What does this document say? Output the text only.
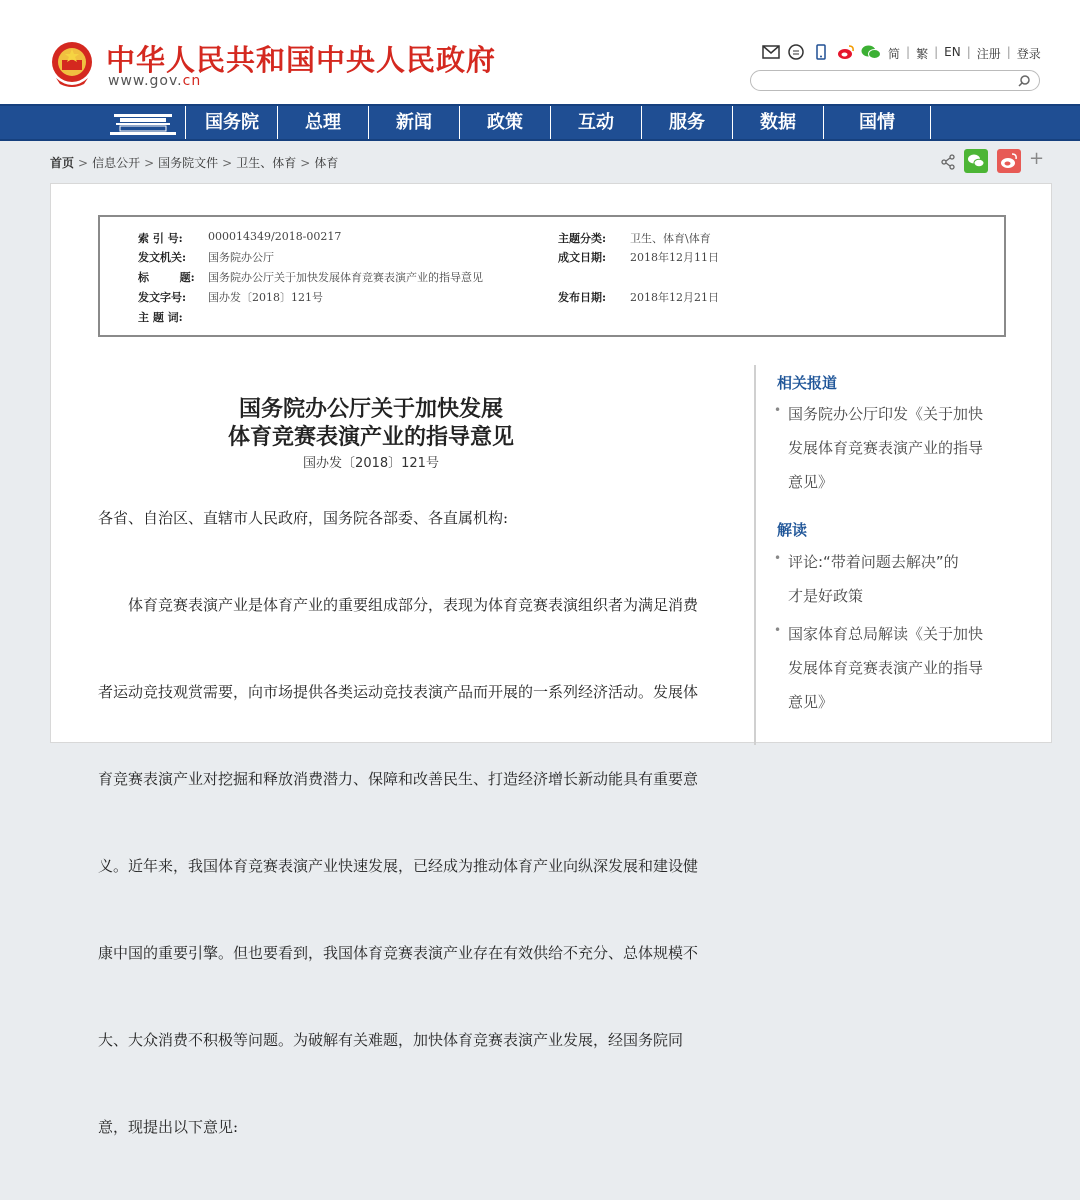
中华人民共和国中央人民政府
www.gov.cn
简 | 繁 | EN | 注册 | 登录
国务院	总理	新闻	政策	互动	服务	数据	国情
首页 > 信息公开 > 国务院文件 > 卫生、体育 > 体育	+
索 引 号: 000014349/2018-00217	主题分类: 卫生、体育\体育
发文机关: 国务院办公厅	成文日期: 2018年12月11日
标        题: 国务院办公厅关于加快发展体育竞赛表演产业的指导意见
发文字号: 国办发〔2018〕121号	发布日期: 2018年12月21日
主 题 词:
国务院办公厅关于加快发展
体育竞赛表演产业的指导意见
国办发〔2018〕121号
各省、自治区、直辖市人民政府，国务院各部委、各直属机构:

　　体育竞赛表演产业是体育产业的重要组成部分，表现为体育竞赛表演组织者为满足消费

者运动竞技观赏需要，向市场提供各类运动竞技表演产品而开展的一系列经济活动。发展体

育竞赛表演产业对挖掘和释放消费潜力、保障和改善民生、打造经济增长新动能具有重要意

义。近年来，我国体育竞赛表演产业快速发展，已经成为推动体育产业向纵深发展和建设健

康中国的重要引擎。但也要看到，我国体育竞赛表演产业存在有效供给不充分、总体规模不

大、大众消费不积极等问题。为破解有关难题，加快体育竞赛表演产业发展，经国务院同

意，现提出以下意见:

相关报道
• 国务院办公厅印发《关于加快
发展体育竞赛表演产业的指导
意见》
解读
• 评论:“带着问题去解决”的
才是好政策
• 国家体育总局解读《关于加快
发展体育竞赛表演产业的指导
意见》
